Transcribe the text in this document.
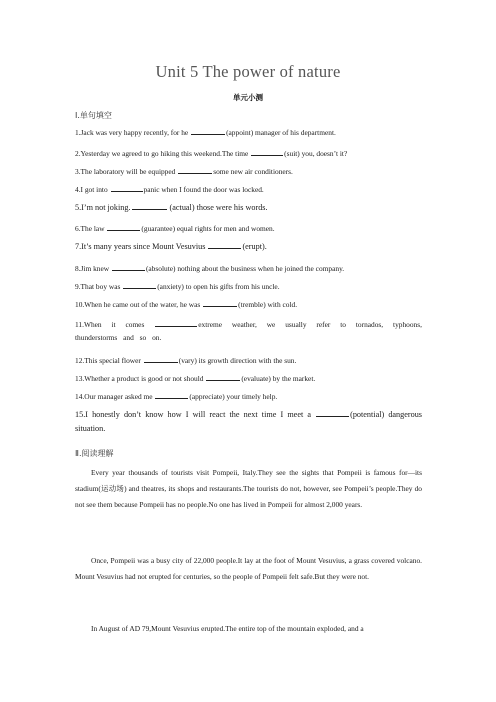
Unit 5 The power of nature
单元小测
Ⅰ.单句填空
1.Jack was very happy recently, for he	(appoint) manager of his department.
2.Yesterday we agreed to go hiking this weekend.The time	(suit) you, doesn’t it?
3.The laboratory will be equipped	some new air conditioners.
4.I got into	panic when I found the door was locked.
5.I’m not joking.	(actual) those were his words.
6.The law	(guarantee) equal rights for men and women.
7.It’s many years since Mount Vesuvius	(erupt).
8.Jim knew	(absolute) nothing about the business when he joined the company.
9.That boy was	(anxiety) to open his gifts from his uncle.
10.When he came out of the water, he was	(tremble) with cold.
11.When it comes	extreme weather, we usually refer to tornados, typhoons, thunderstorms and so on.
12.This special flower	(vary) its growth direction with the sun.
13.Whether a product is good or not should	(evaluate) by the market.
14.Our manager asked me	(appreciate) your timely help.
15.I honestly don’t know how I will react the next time I meet a	(potential) dangerous situation.
Ⅱ.阅读理解
Every year thousands of tourists visit Pompeii, Italy.They see the sights that Pompeii is famous for—its stadium(运动场) and theatres, its shops and restaurants.The tourists do not, however, see Pompeii’s people.They do not see them because Pompeii has no people.No one has lived in Pompeii for almost 2,000 years.
Once, Pompeii was a busy city of 22,000 people.It lay at the foot of Mount Vesuvius, a grass covered volcano. Mount Vesuvius had not erupted for centuries, so the people of Pompeii felt safe.But they were not.
In August of AD 79,Mount Vesuvius erupted.The entire top of the mountain exploded, and a
